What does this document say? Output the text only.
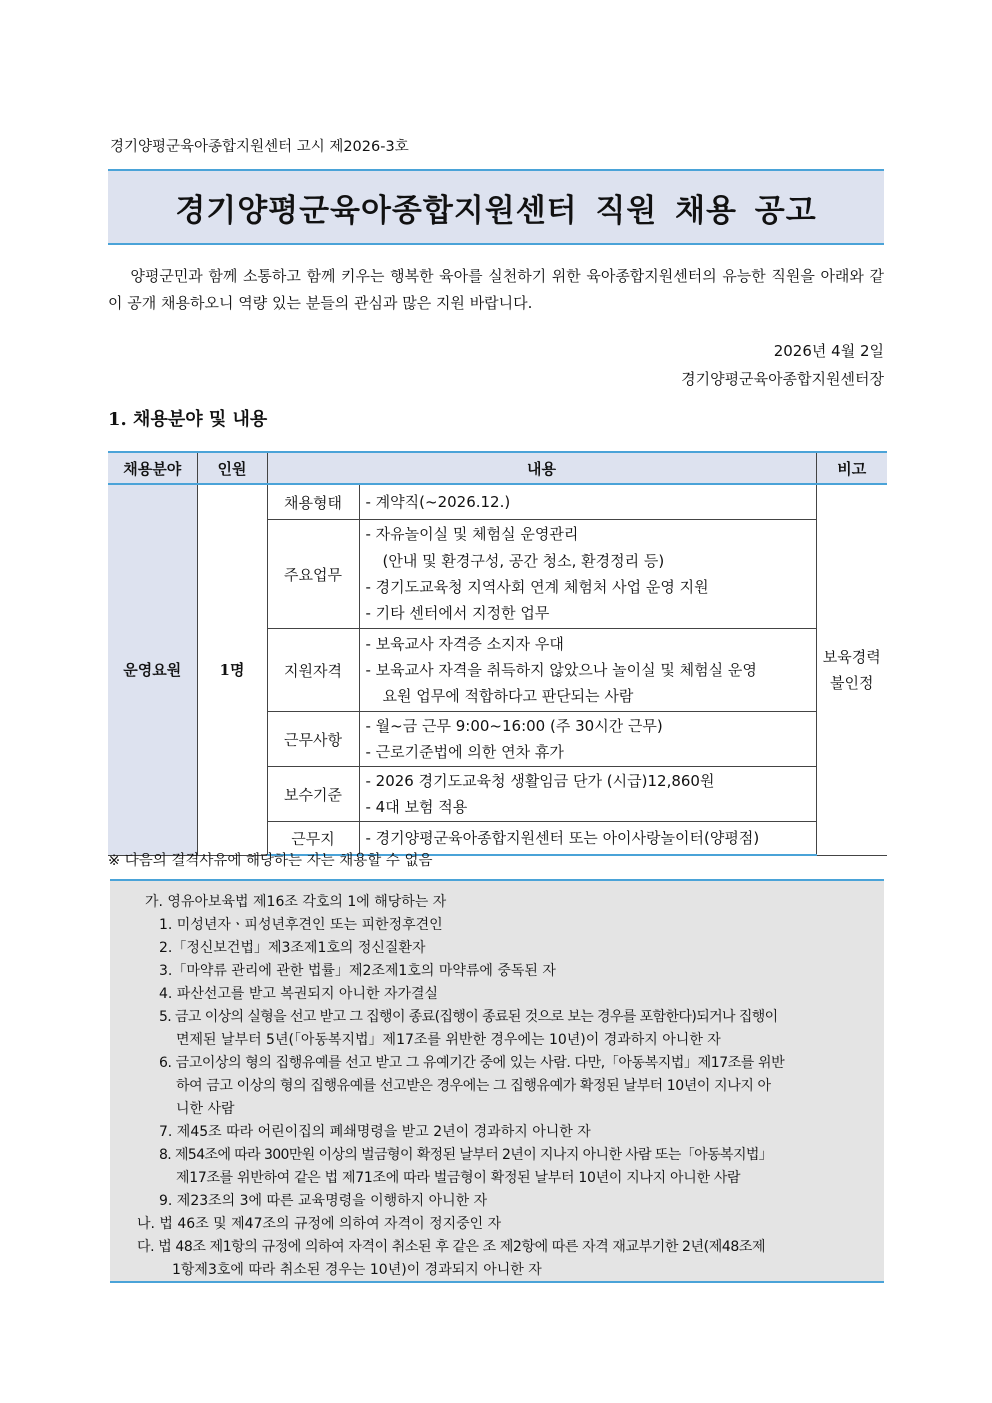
경기양평군육아종합지원센터 고시 제2026-3호
경기양평군육아종합지원센터 직원 채용 공고

양평군민과 함께 소통하고 함께 키우는 행복한 육아를 실천하기 위한 육아종합지원센터의 유능한 직원을 아래와 같이 공개 채용하오니 역량 있는 분들의 관심과 많은 지원 바랍니다.

2026년 4월 2일
경기양평군육아종합지원센터장
1. 채용분야 및 내용
채용분야	인원	내용		비고
운영요원	1명	채용형태	- 계약직(~2026.12.)	보육경력
불인정

		주요업무	- 자유놀이실 및 체험실 운영관리
(안내 및 환경구성, 공간 청소, 환경정리 등)
- 경기도교육청 지역사회 연계 체험처 사업 운영 지원
- 기타 센터에서 지정한 업무	

		지원자격	- 보육교사 자격증 소지자 우대
- 보육교사 자격을 취득하지 않았으나 놀이실 및 체험실 운영
요원 업무에 적합하다고 판단되는 사람	

		근무사항	- 월~금 근무 9:00~16:00 (주 30시간 근무)
- 근로기준법에 의한 연차 휴가	

		보수기준	- 2026 경기도교육청 생활임금 단가 (시급)12,860원
- 4대 보험 적용	

		근무지	- 경기양평군육아종합지원센터 또는 아이사랑놀이터(양평점)	
※ 다음의 결격사유에 해당하는 자는 채용할 수 없음
가. 영유아보육법 제16조 각호의 1에 해당하는 자
1. 미성년자ㆍ피성년후견인 또는 피한정후견인
2.「정신보건법」제3조제1호의 정신질환자
3.「마약류 관리에 관한 법률」제2조제1호의 마약류에 중독된 자
4. 파산선고를 받고 복권되지 아니한 자가결실
5. 금고 이상의 실형을 선고 받고 그 집행이 종료(집행이 종료된 것으로 보는 경우를 포함한다)되거나 집행이
면제된 날부터 5년(「아동복지법」제17조를 위반한 경우에는 10년)이 경과하지 아니한 자
6. 금고이상의 형의 집행유예를 선고 받고 그 유예기간 중에 있는 사람. 다만,「아동복지법」제17조를 위반
하여 금고 이상의 형의 집행유예를 선고받은 경우에는 그 집행유예가 확정된 날부터 10년이 지나지 아
니한 사람
7. 제45조 따라 어린이집의 폐쇄명령을 받고 2년이 경과하지 아니한 자
8. 제54조에 따라 300만원 이상의 벌금형이 확정된 날부터 2년이 지나지 아니한 사람 또는「아동복지법」
제17조를 위반하여 같은 법 제71조에 따라 벌금형이 확정된 날부터 10년이 지나지 아니한 사람
9. 제23조의 3에 따른 교육명령을 이행하지 아니한 자
나. 법 46조 및 제47조의 규정에 의하여 자격이 정지중인 자
다. 법 48조 제1항의 규정에 의하여 자격이 취소된 후 같은 조 제2항에 따른 자격 재교부기한 2년(제48조제
1항제3호에 따라 취소된 경우는 10년)이 경과되지 아니한 자
